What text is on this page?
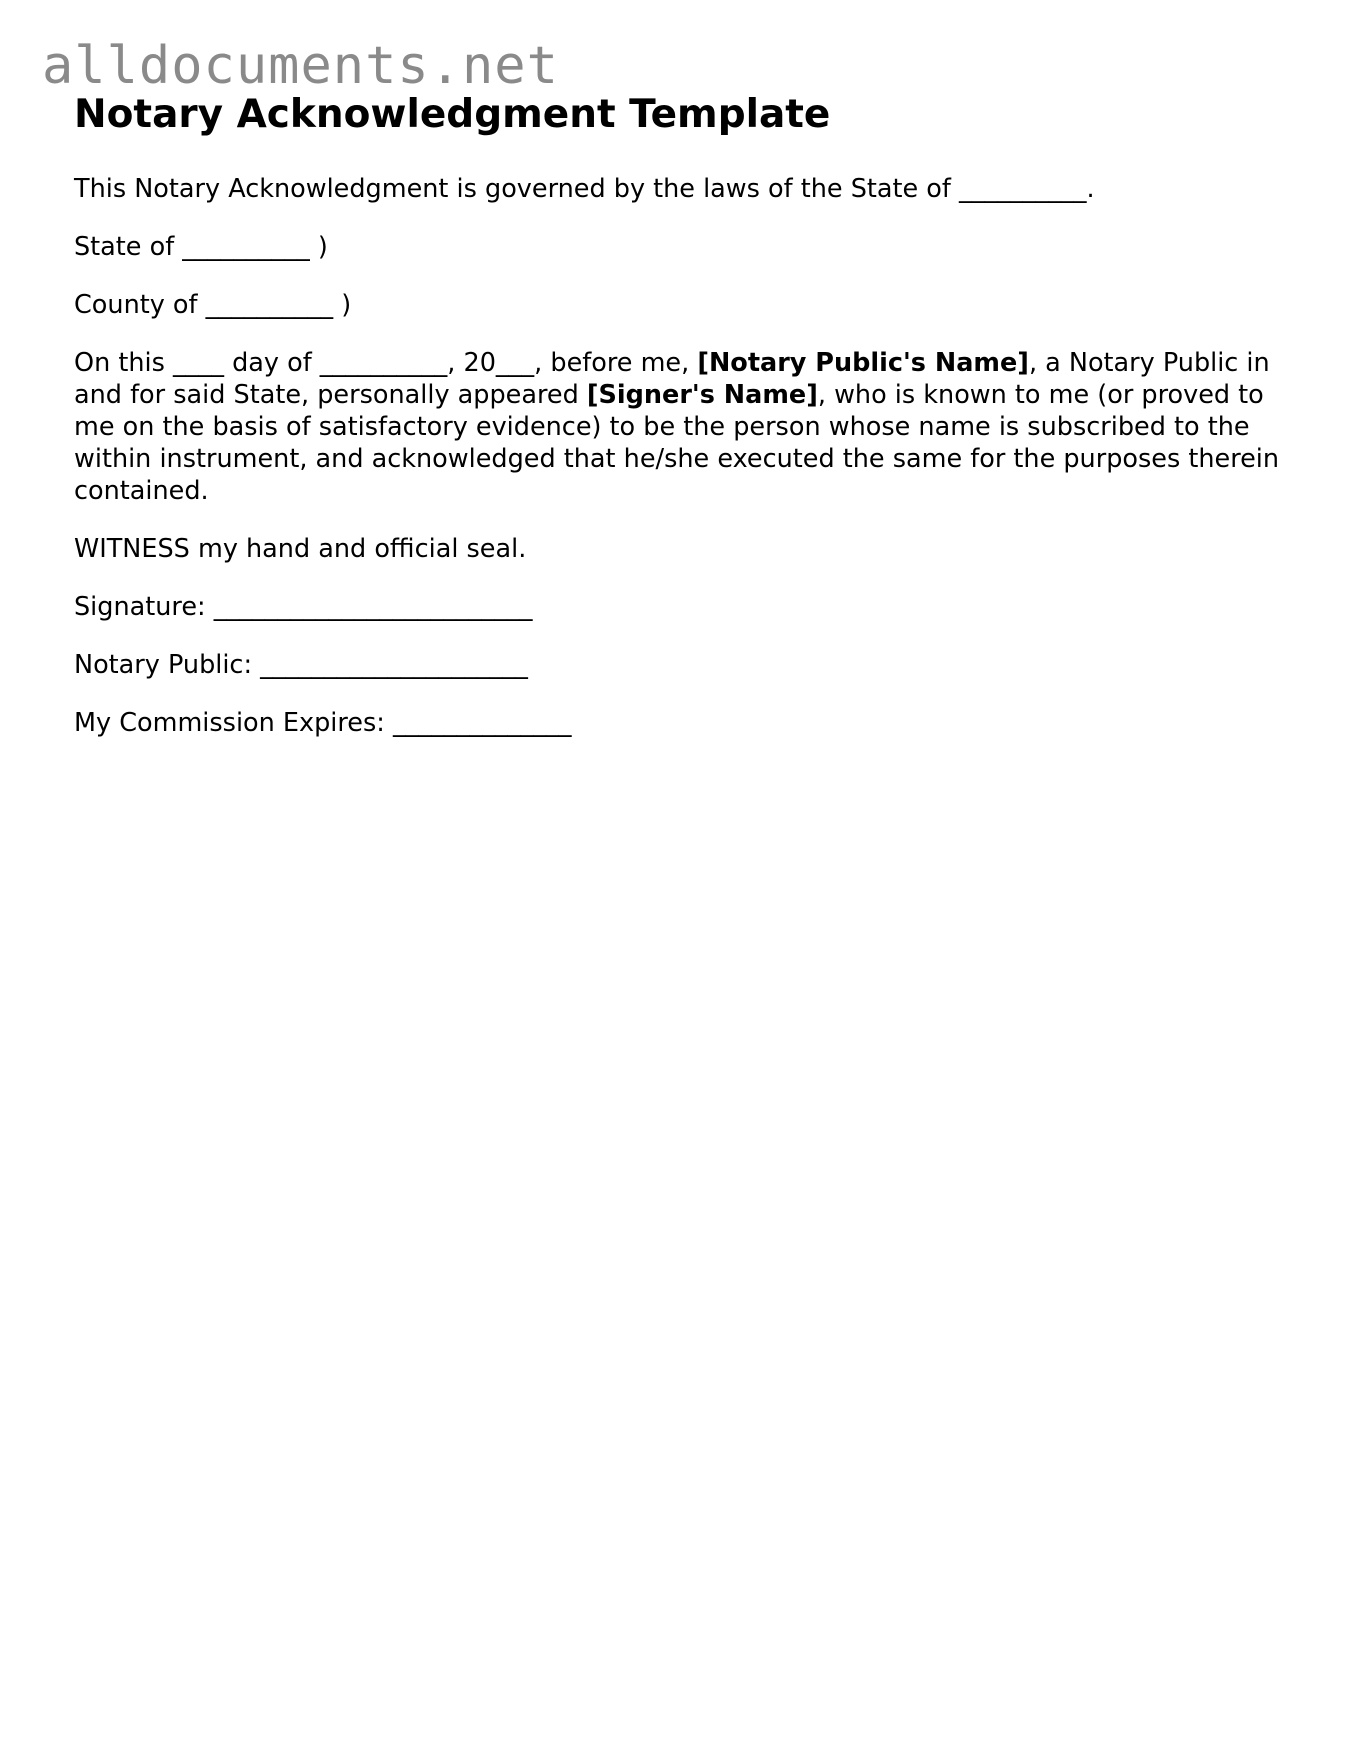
alldocuments.net
Notary Acknowledgment Template

This Notary Acknowledgment is governed by the laws of the State of __________.

State of __________ )

County of __________ )

On this ____ day of __________, 20___, before me, [Notary Public's Name], a Notary Public in and for said State, personally appeared [Signer's Name], who is known to me (or proved to me on the basis of satisfactory evidence) to be the person whose name is subscribed to the within instrument, and acknowledged that he/she executed the same for the purposes therein contained.

WITNESS my hand and official seal.

Signature: _________________________

Notary Public: _____________________

My Commission Expires: ______________
